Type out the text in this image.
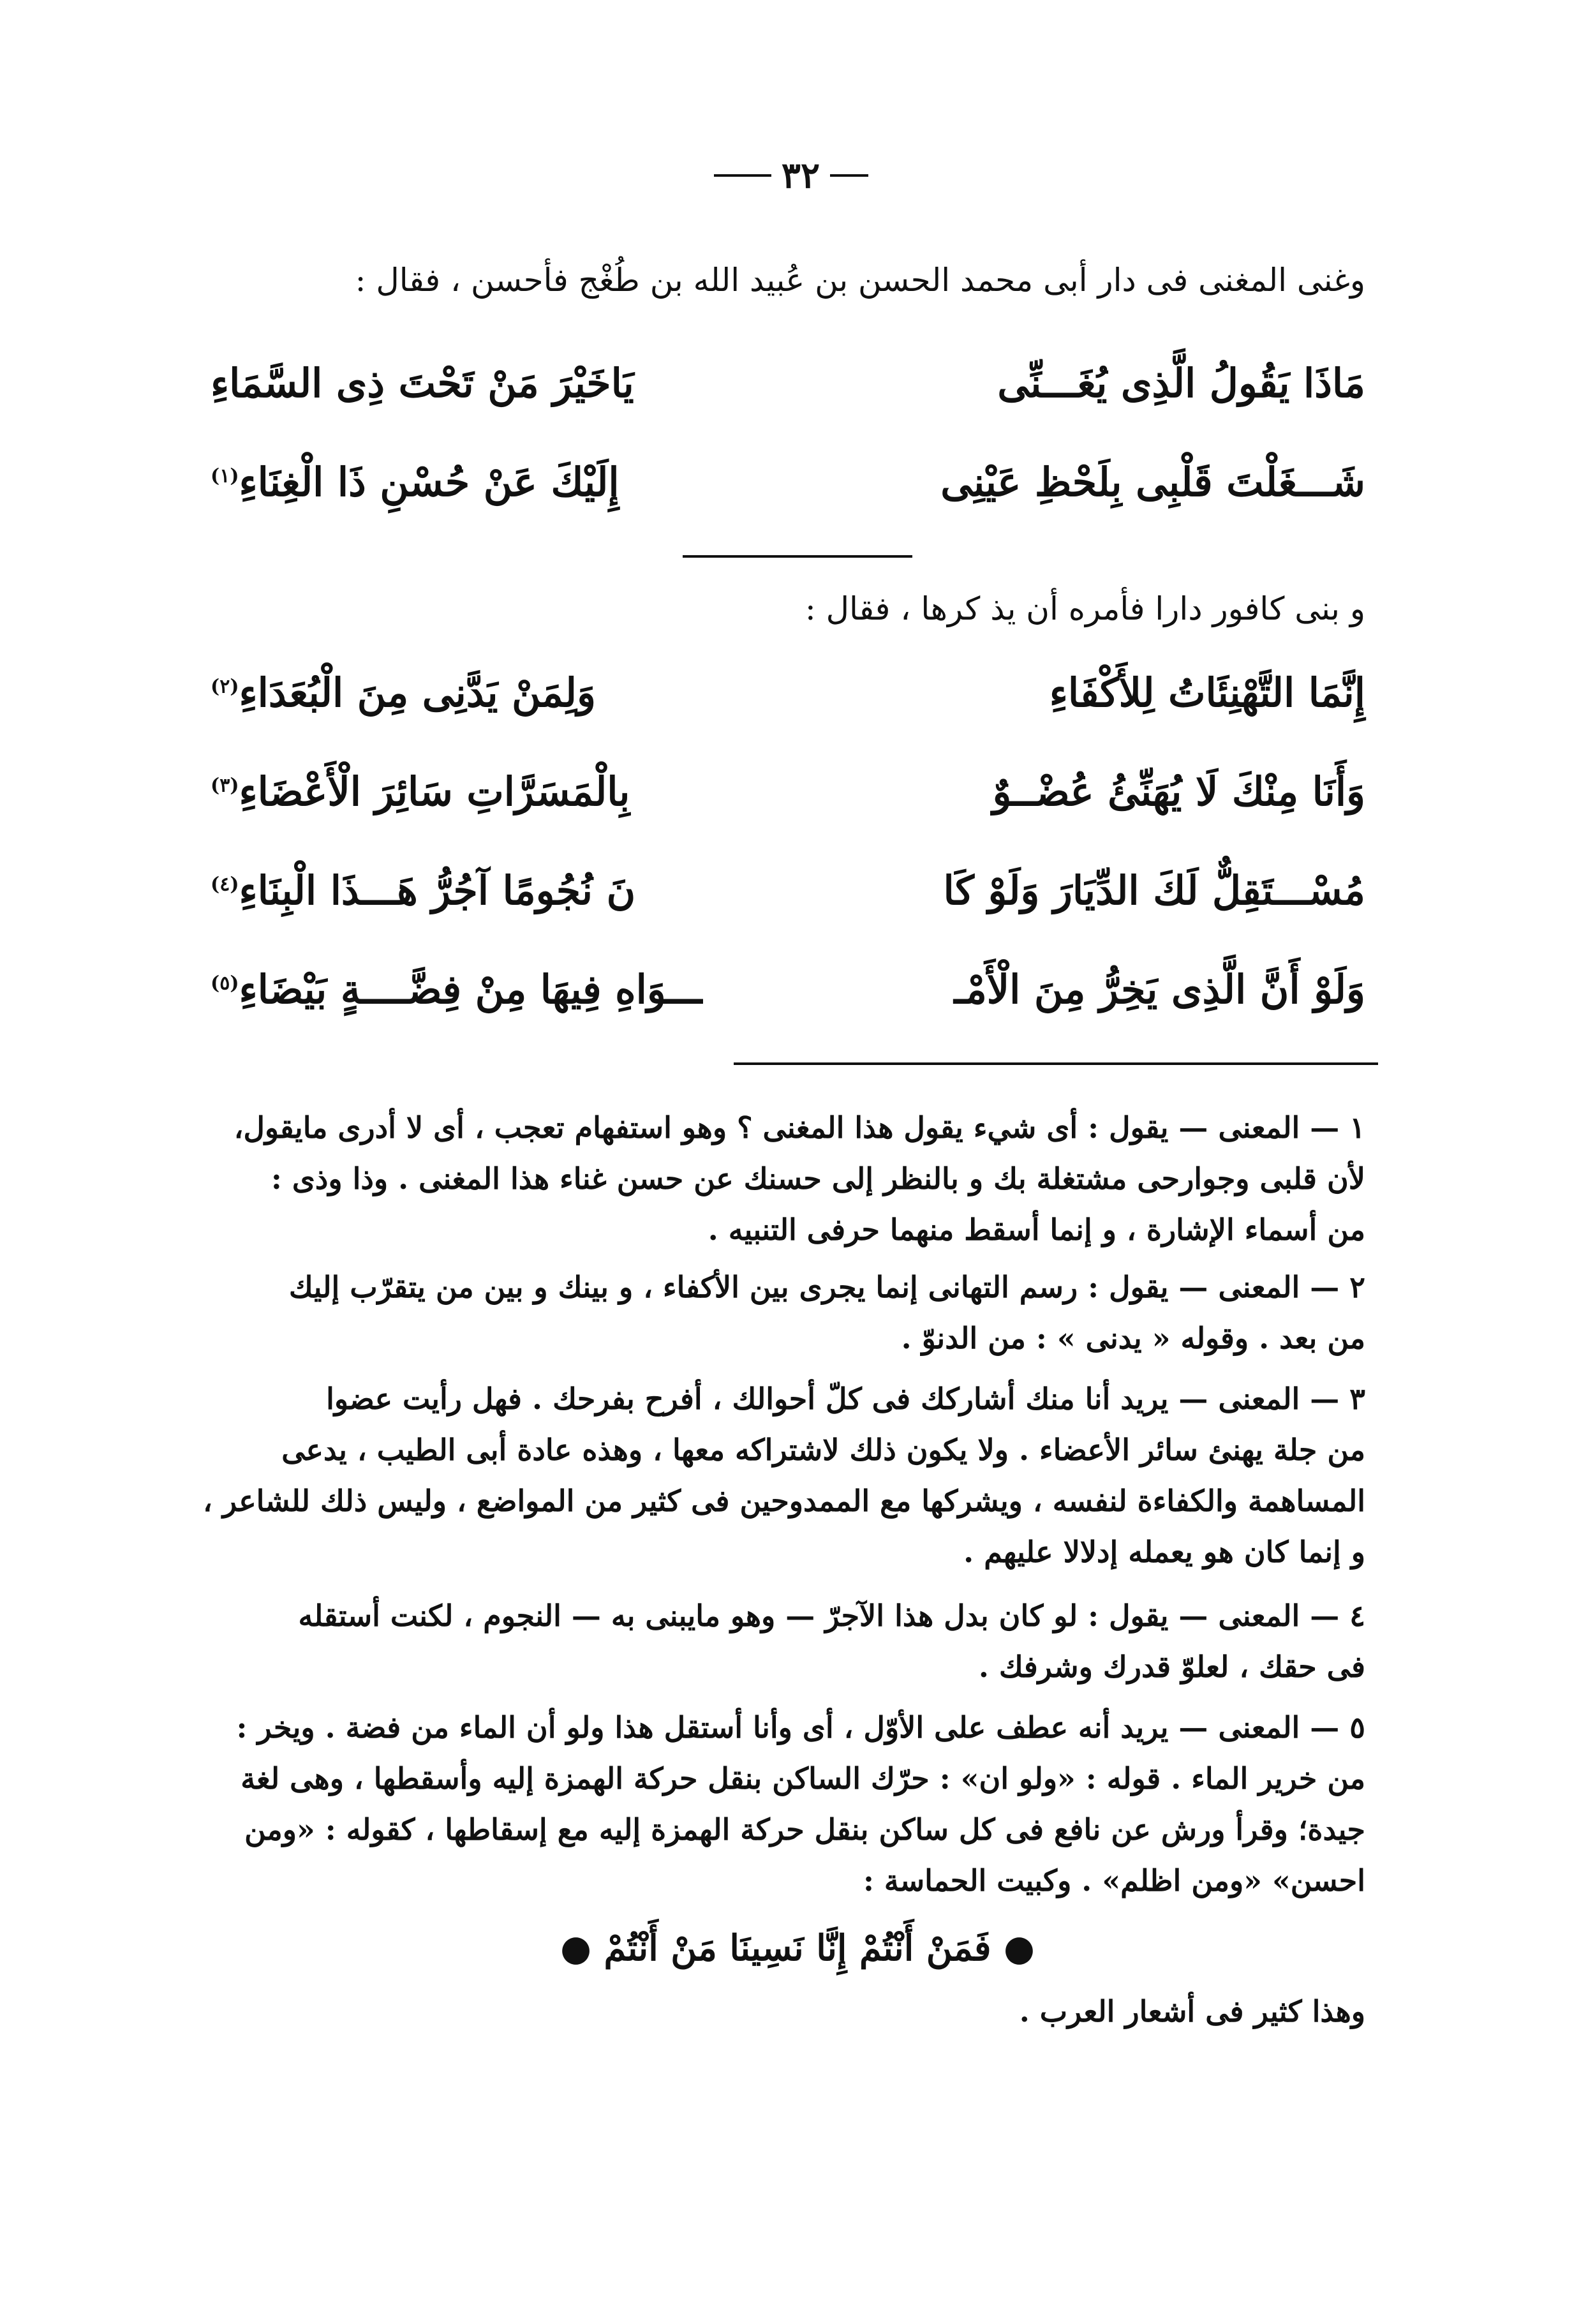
٣٢
وغنى المغنى فى دار أبى محمد الحسن بن عُبيد الله بن طُغْج فأحسن ، فقال :
مَاذَا يَقُولُ الَّذِى يُغَـــنِّى
يَاخَيْرَ مَنْ تَحْتَ ذِى السَّمَاءِ
شَـــغَلْتَ قَلْبِى بِلَحْظِ عَيْنِى
إِلَيْكَ عَنْ حُسْنِ ذَا الْغِنَاءِ$^{(١)}$
و بنى كافور دارا فأمره أن يذ كرها ، فقال :
إِنَّمَا التَّهْنِئَاتُ لِلأَكْفَاءِ
وَلِمَنْ يَدَّنِى مِنَ الْبُعَدَاءِ$^{(٢)}$
وَأَنَا مِنْكَ لَا يُهَنِّئُ عُضْــوٌ
بِالْمَسَرَّاتِ سَائِرَ الْأَعْضَاءِ$^{(٣)}$
مُسْـــتَقِلٌّ لَكَ الدِّيَارَ وَلَوْ كَا
نَ نُجُومًا آجُرُّ هَـــذَا الْبِنَاءِ$^{(٤)}$
وَلَوْ أَنَّ الَّذِى يَخِرُّ مِنَ الْأَمْـ
ـــوَاهِ فِيهَا مِنْ فِضَّــــةٍ بَيْضَاءِ$^{(٥)}$
١ — المعنى — يقول : أى شيء يقول هذا المغنى ؟ وهو استفهام تعجب ، أى لا أدرى مايقول،
لأن قلبى وجوارحى مشتغلة بك و بالنظر إلى حسنك عن حسن غناء هذا المغنى . وذا وذى :
من أسماء الإشارة ، و إنما أسقط منهما حرفى التنبيه .
٢ — المعنى — يقول : رسم التهانى إنما يجرى بين الأكفاء ، و بينك و بين من يتقرّب إليك
من بعد . وقوله « يدنى » : من الدنوّ .
٣ — المعنى — يريد أنا منك أشاركك فى كلّ أحوالك ، أفرح بفرحك . فهل رأيت عضوا
من جلة يهنئ سائر الأعضاء . ولا يكون ذلك لاشتراكه معها ، وهذه عادة أبى الطيب ، يدعى
المساهمة والكفاءة لنفسه ، ويشركها مع الممدوحين فى كثير من المواضع ، وليس ذلك للشاعر ،
و إنما كان هو يعمله إدلالا عليهم .
٤ — المعنى — يقول : لو كان بدل هذا الآجرّ — وهو مايبنى به — النجوم ، لكنت أستقله
فى حقك ، لعلوّ قدرك وشرفك .
٥ — المعنى — يريد أنه عطف على الأوّل ، أى وأنا أستقل هذا ولو أن الماء من فضة . ويخر :
من خرير الماء . قوله : «ولو ان» : حرّك الساكن بنقل حركة الهمزة إليه وأسقطها ، وهى لغة
جيدة؛ وقرأ ورش عن نافع فى كل ساكن بنقل حركة الهمزة إليه مع إسقاطها ، كقوله : «ومن
احسن» «ومن اظلم» . وكبيت الحماسة :
● فَمَنْ أَنْتُمْ إِنَّا نَسِينَا مَنْ أَنْتُمْ ●
وهذا كثير فى أشعار العرب .
